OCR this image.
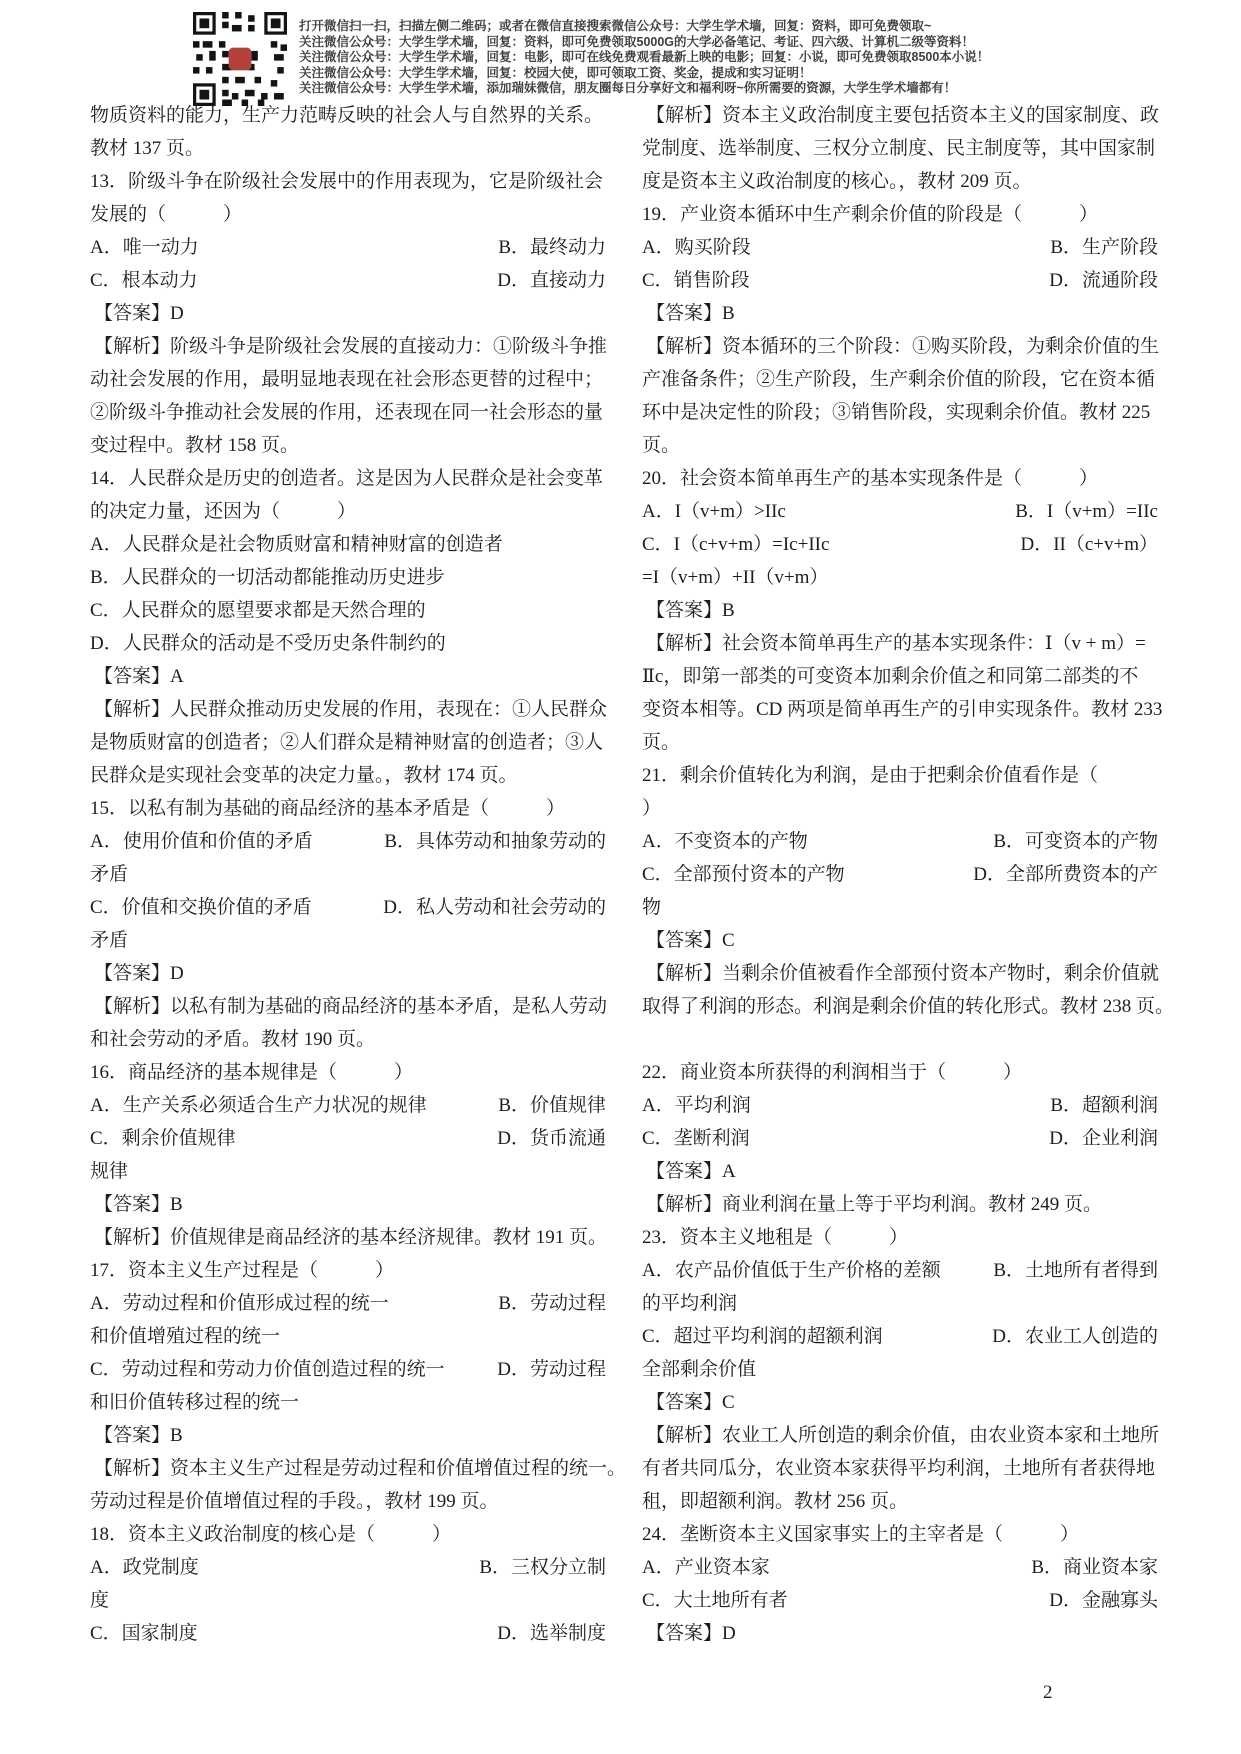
打开微信扫一扫，扫描左侧二维码；或者在微信直接搜索微信公众号：大学生学术墙，回复：资料，即可免费领取~
关注微信公众号：大学生学术墙，回复：资料，即可免费领取5000G的大学必备笔记、考证、四六级、计算机二级等资料！
关注微信公众号：大学生学术墙，回复：电影，即可在线免费观看最新上映的电影；回复：小说，即可免费领取8500本小说！
关注微信公众号：大学生学术墙，回复：校园大使，即可领取工资、奖金，提成和实习证明！
关注微信公众号：大学生学术墙，添加瑞妹微信，朋友圈每日分享好文和福利呀~你所需要的资源，大学生学术墙都有！
物质资料的能力，生产力范畴反映的社会人与自然界的关系。
教材 137 页。
13．阶级斗争在阶级社会发展中的作用表现为，它是阶级社会
发展的（　　　）
A．唯一动力	B．最终动力
C．根本动力	D．直接动力
【答案】D
【解析】阶级斗争是阶级社会发展的直接动力：①阶级斗争推
动社会发展的作用，最明显地表现在社会形态更替的过程中；
②阶级斗争推动社会发展的作用，还表现在同一社会形态的量
变过程中。教材 158 页。
14．人民群众是历史的创造者。这是因为人民群众是社会变革
的决定力量，还因为（　　　）
A．人民群众是社会物质财富和精神财富的创造者
B．人民群众的一切活动都能推动历史进步
C．人民群众的愿望要求都是天然合理的
D．人民群众的活动是不受历史条件制约的
【答案】A
【解析】人民群众推动历史发展的作用，表现在：①人民群众
是物质财富的创造者；②人们群众是精神财富的创造者；③人
民群众是实现社会变革的决定力量。，教材 174 页。
15．以私有制为基础的商品经济的基本矛盾是（　　　）
A．使用价值和价值的矛盾	B．具体劳动和抽象劳动的
矛盾
C．价值和交换价值的矛盾	D．私人劳动和社会劳动的
矛盾
【答案】D
【解析】以私有制为基础的商品经济的基本矛盾，是私人劳动
和社会劳动的矛盾。教材 190 页。
16．商品经济的基本规律是（　　　）
A．生产关系必须适合生产力状况的规律	B．价值规律
C．剩余价值规律	D．货币流通
规律
【答案】B
【解析】价值规律是商品经济的基本经济规律。教材 191 页。
17．资本主义生产过程是（　　　）
A．劳动过程和价值形成过程的统一	B．劳动过程
和价值增殖过程的统一
C．劳动过程和劳动力价值创造过程的统一	D．劳动过程
和旧价值转移过程的统一
【答案】B
【解析】资本主义生产过程是劳动过程和价值增值过程的统一。
劳动过程是价值增值过程的手段。，教材 199 页。
18．资本主义政治制度的核心是（　　　）
A．政党制度	B．三权分立制
度
C．国家制度	D．选举制度
【解析】资本主义政治制度主要包括资本主义的国家制度、政
党制度、选举制度、三权分立制度、民主制度等，其中国家制
度是资本主义政治制度的核心。，教材 209 页。
19．产业资本循环中生产剩余价值的阶段是（　　　）
A．购买阶段	B．生产阶段
C．销售阶段	D．流通阶段
【答案】B
【解析】资本循环的三个阶段：①购买阶段，为剩余价值的生
产准备条件；②生产阶段，生产剩余价值的阶段，它在资本循
环中是决定性的阶段；③销售阶段，实现剩余价值。教材 225
页。
20．社会资本简单再生产的基本实现条件是（　　　）
A．I（v+m）>IIc	B．I（v+m）=IIc
C．I（c+v+m）=Ic+IIc	D．II（c+v+m）
=I（v+m）+II（v+m）
【答案】B
【解析】社会资本简单再生产的基本实现条件：Ⅰ（v + m）=
Ⅱc，即第一部类的可变资本加剩余价值之和同第二部类的不
变资本相等。CD 两项是简单再生产的引申实现条件。教材 233
页。
21．剩余价值转化为利润，是由于把剩余价值看作是（
）
A．不变资本的产物	B．可变资本的产物
C．全部预付资本的产物	D．全部所费资本的产
物
【答案】C
【解析】当剩余价值被看作全部预付资本产物时，剩余价值就
取得了利润的形态。利润是剩余价值的转化形式。教材 238 页。
22．商业资本所获得的利润相当于（　　　）
A．平均利润	B．超额利润
C．垄断利润	D．企业利润
【答案】A
【解析】商业利润在量上等于平均利润。教材 249 页。
23．资本主义地租是（　　　）
A．农产品价值低于生产价格的差额	B．土地所有者得到
的平均利润
C．超过平均利润的超额利润	D．农业工人创造的
全部剩余价值
【答案】C
【解析】农业工人所创造的剩余价值，由农业资本家和土地所
有者共同瓜分，农业资本家获得平均利润，土地所有者获得地
租，即超额利润。教材 256 页。
24．垄断资本主义国家事实上的主宰者是（　　　）
A．产业资本家	B．商业资本家
C．大土地所有者	D．金融寡头
【答案】D
2
